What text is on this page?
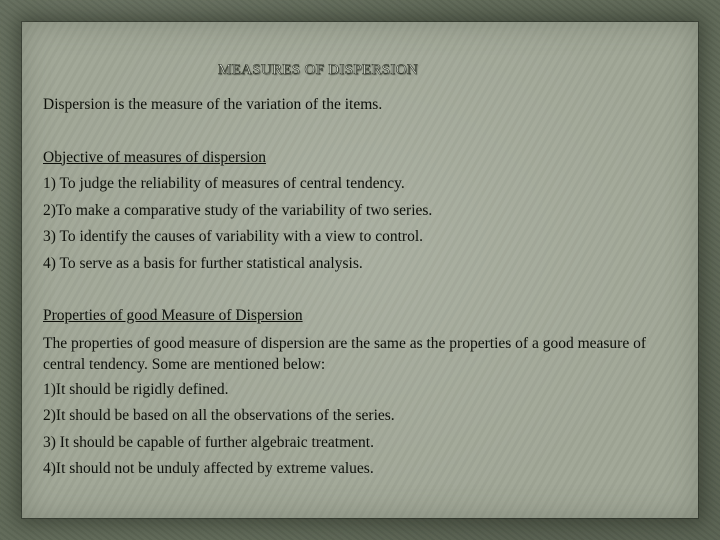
MEASURES OF DISPERSION

Dispersion is the measure of the variation of the items.

Objective of measures of dispersion

1) To judge the reliability of measures of central tendency.

2)To make a comparative study of the variability of two series.

3) To identify the causes of variability with a view to control.

4) To serve as a basis for further statistical analysis.

Properties of good Measure of Dispersion

The properties of good measure of dispersion are the same as the properties of a good measure of central tendency. Some are mentioned below:

1)It should be rigidly defined.

2)It should be based on all the observations of the series.

3) It should be capable of further algebraic treatment.

4)It should not be unduly affected by extreme values.
